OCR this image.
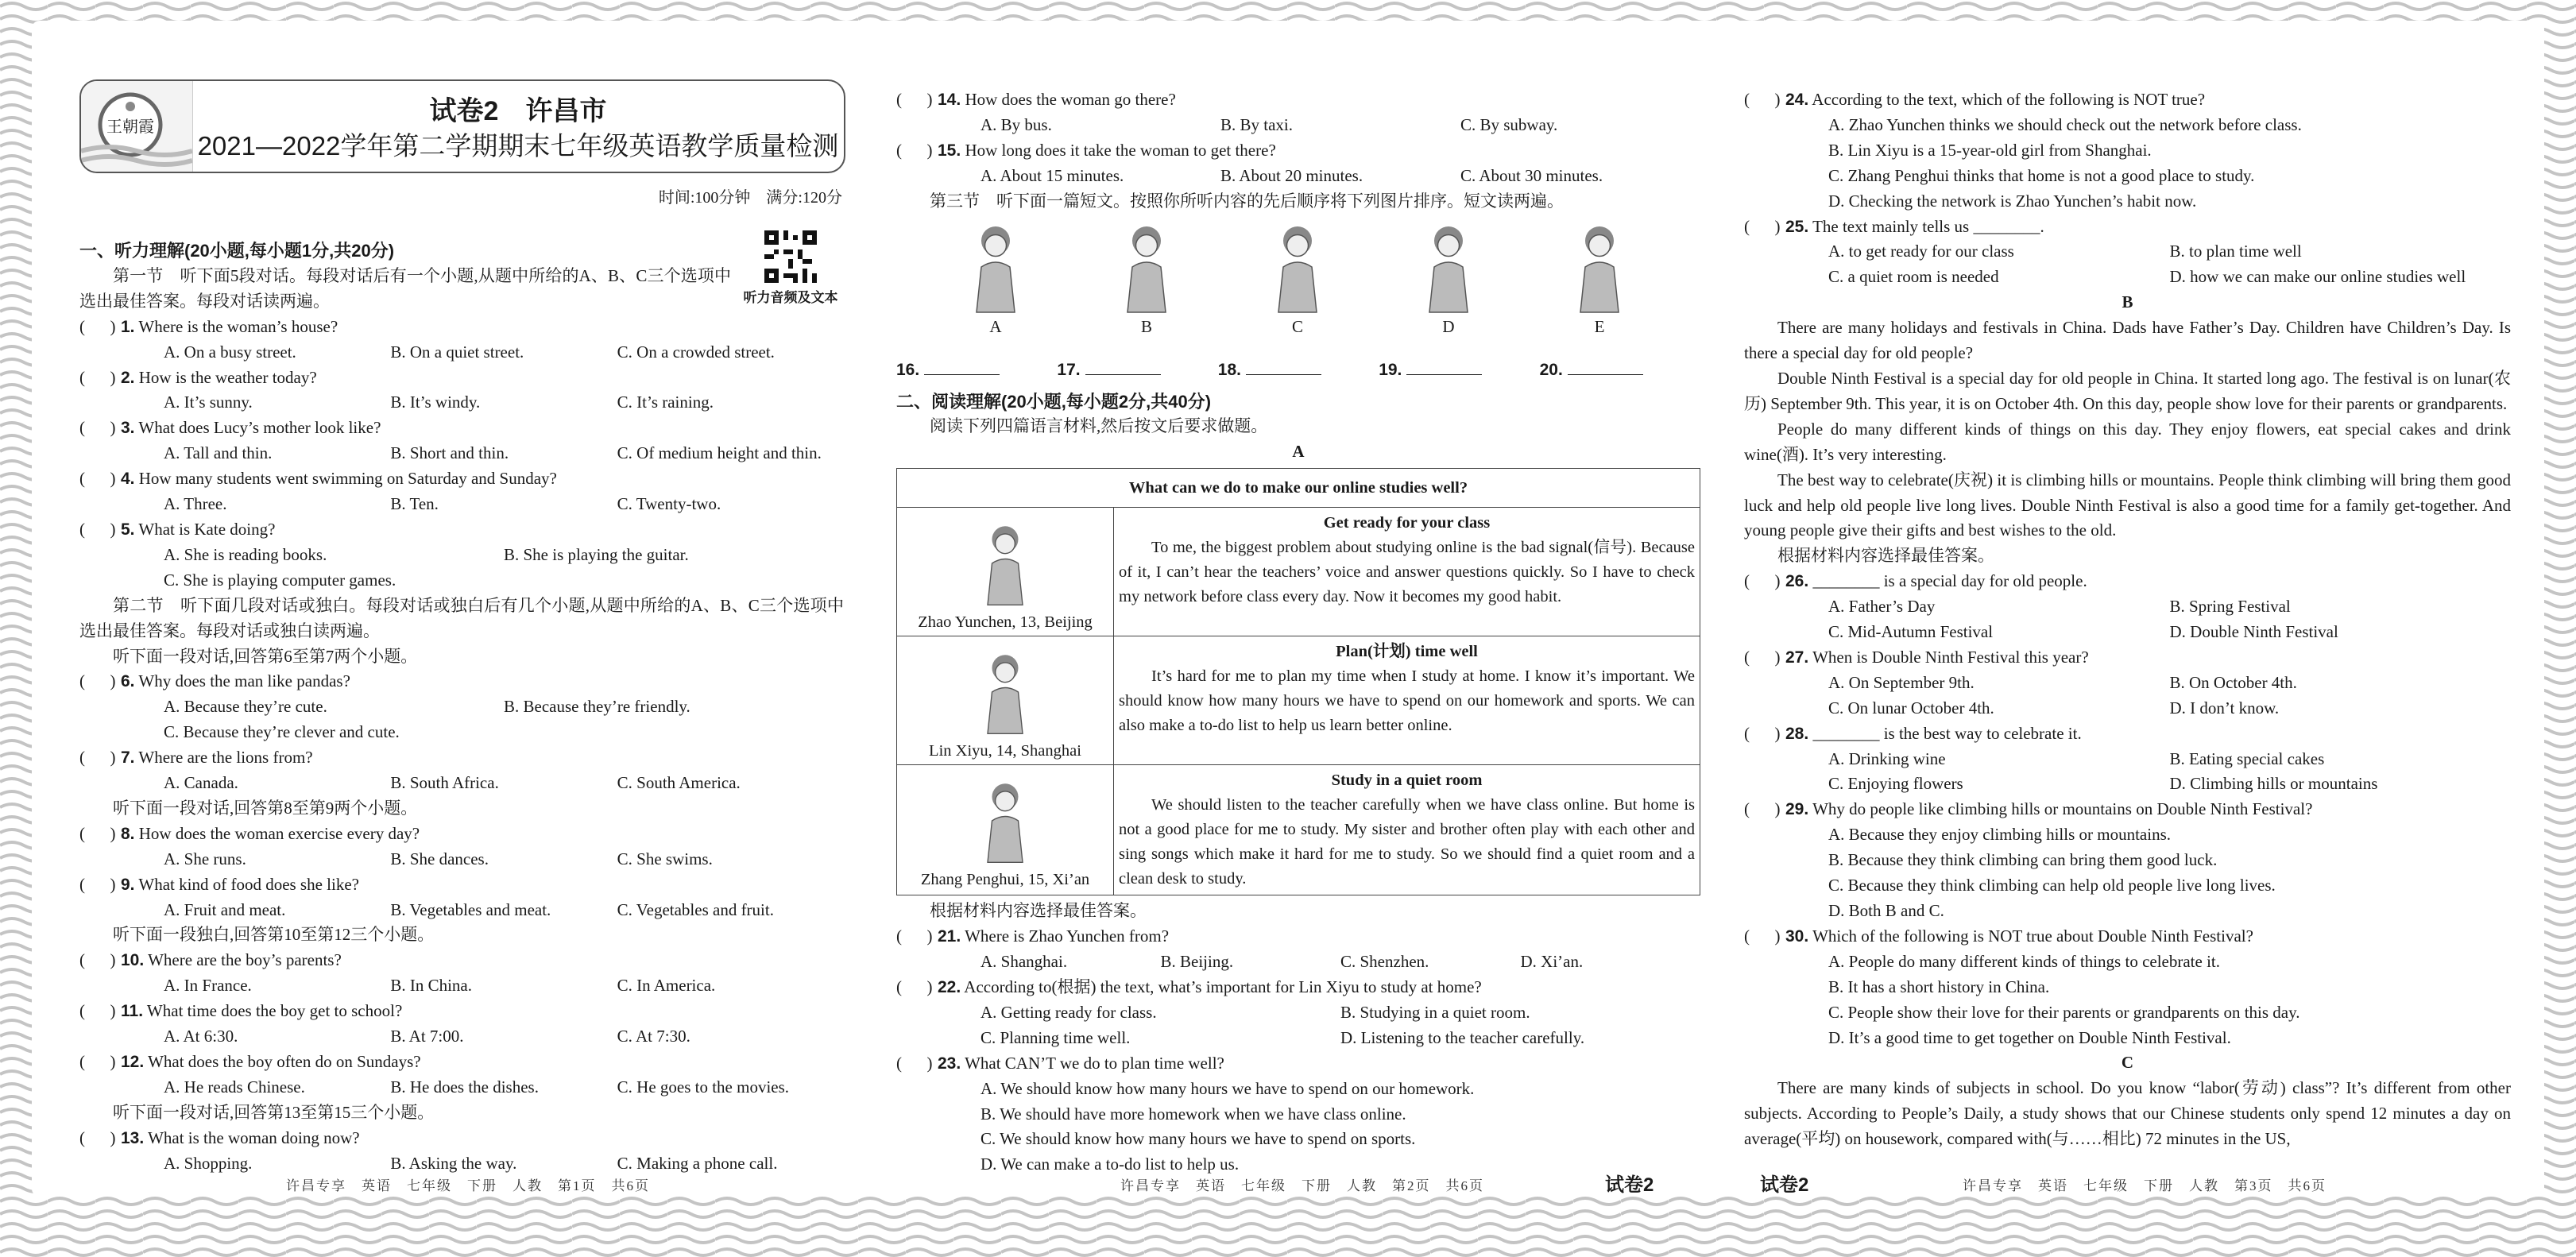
王朝霞	试卷2　许昌市
2021—2022学年第二学期期末七年级英语教学质量检测
时间:100分钟　满分:120分
听力音频及文本
一、听力理解(20小题,每小题1分,共20分)
第一节　听下面5段对话。每段对话后有一个小题,从题中所给的A、B、C三个选项中选出最佳答案。每段对话读两遍。
(      ) 1. Where is the woman’s house?
A. On a busy street.	B. On a quiet street.	C. On a crowded street.
(      ) 2. How is the weather today?
A. It’s sunny.	B. It’s windy.	C. It’s raining.
(      ) 3. What does Lucy’s mother look like?
A. Tall and thin.	B. Short and thin.	C. Of medium height and thin.
(      ) 4. How many students went swimming on Saturday and Sunday?
A. Three.	B. Ten.	C. Twenty-two.
(      ) 5. What is Kate doing?
A. She is reading books.	B. She is playing the guitar.
C. She is playing computer games.
第二节　听下面几段对话或独白。每段对话或独白后有几个小题,从题中所给的A、B、C三个选项中选出最佳答案。每段对话或独白读两遍。
听下面一段对话,回答第6至第7两个小题。
(      ) 6. Why does the man like pandas?
A. Because they’re cute.	B. Because they’re friendly.
C. Because they’re clever and cute.
(      ) 7. Where are the lions from?
A. Canada.	B. South Africa.	C. South America.
听下面一段对话,回答第8至第9两个小题。
(      ) 8. How does the woman exercise every day?
A. She runs.	B. She dances.	C. She swims.
(      ) 9. What kind of food does she like?
A. Fruit and meat.	B. Vegetables and meat.	C. Vegetables and fruit.
听下面一段独白,回答第10至第12三个小题。
(      ) 10. Where are the boy’s parents?
A. In France.	B. In China.	C. In America.
(      ) 11. What time does the boy get to school?
A. At 6:30.	B. At 7:00.	C. At 7:30.
(      ) 12. What does the boy often do on Sundays?
A. He reads Chinese.	B. He does the dishes.	C. He goes to the movies.
听下面一段对话,回答第13至第15三个小题。
(      ) 13. What is the woman doing now?
A. Shopping.	B. Asking the way.	C. Making a phone call.
(      ) 14. How does the woman go there?
A. By bus.	B. By taxi.	C. By subway.
(      ) 15. How long does it take the woman to get there?
A. About 15 minutes.	B. About 20 minutes.	C. About 30 minutes.
第三节　听下面一篇短文。按照你所听内容的先后顺序将下列图片排序。短文读两遍。
A	B	C	D	E
16.	17.	18.	19.	20.
二、阅读理解(20小题,每小题2分,共40分)
阅读下列四篇语言材料,然后按文后要求做题。
A
What can we do to make our online studies well?	

Zhao Yunchen, 13, Beijing	Get ready for your class
To me, the biggest problem about studying online is the bad signal(信号). Because of it, I can’t hear the teachers’ voice and answer questions quickly. So I have to check my network before class every day. Now it becomes my good habit.

Lin Xiyu, 14, Shanghai	Plan(计划) time well
It’s hard for me to plan my time when I study at home. I know it’s important. We should know how many hours we have to spend on our homework and sports. We can also make a to-do list to help us learn better online.

Zhang Penghui, 15, Xi’an	Study in a quiet room
We should listen to the teacher carefully when we have class online. But home is not a good place for me to study. My sister and brother often play with each other and sing songs which make it hard for me to study. So we should find a quiet room and a clean desk to study.
根据材料内容选择最佳答案。
(      ) 21. Where is Zhao Yunchen from?
A. Shanghai.	B. Beijing.	C. Shenzhen.	D. Xi’an.
(      ) 22. According to(根据) the text, what’s important for Lin Xiyu to study at home?
A. Getting ready for class.	B. Studying in a quiet room.
C. Planning time well.	D. Listening to the teacher carefully.
(      ) 23. What CAN’T we do to plan time well?
A. We should know how many hours we have to spend on our homework.
B. We should have more homework when we have class online.
C. We should know how many hours we have to spend on sports.
D. We can make a to-do list to help us.
(      ) 24. According to the text, which of the following is NOT true?
A. Zhao Yunchen thinks we should check out the network before class.
B. Lin Xiyu is a 15-year-old girl from Shanghai.
C. Zhang Penghui thinks that home is not a good place to study.
D. Checking the network is Zhao Yunchen’s habit now.
(      ) 25. The text mainly tells us ________.
A. to get ready for our class	B. to plan time well
C. a quiet room is needed	D. how we can make our online studies well
B
There are many holidays and festivals in China. Dads have Father’s Day. Children have Children’s Day. Is there a special day for old people?
Double Ninth Festival is a special day for old people in China. It started long ago. The festival is on lunar(农历) September 9th. This year, it is on October 4th. On this day, people show love for their parents or grandparents.
People do many different kinds of things on this day. They enjoy flowers, eat special cakes and drink wine(酒). It’s very interesting.
The best way to celebrate(庆祝) it is climbing hills or mountains. People think climbing will bring them good luck and help old people live long lives. Double Ninth Festival is also a good time for a family get-together. And young people give their gifts and best wishes to the old.
根据材料内容选择最佳答案。
(      ) 26. ________ is a special day for old people.
A. Father’s Day	B. Spring Festival
C. Mid-Autumn Festival	D. Double Ninth Festival
(      ) 27. When is Double Ninth Festival this year?
A. On September 9th.	B. On October 4th.
C. On lunar October 4th.	D. I don’t know.
(      ) 28. ________ is the best way to celebrate it.
A. Drinking wine	B. Eating special cakes
C. Enjoying flowers	D. Climbing hills or mountains
(      ) 29. Why do people like climbing hills or mountains on Double Ninth Festival?
A. Because they enjoy climbing hills or mountains.
B. Because they think climbing can bring them good luck.
C. Because they think climbing can help old people live long lives.
D. Both B and C.
(      ) 30. Which of the following is NOT true about Double Ninth Festival?
A. People do many different kinds of things to celebrate it.
B. It has a short history in China.
C. People show their love for their parents or grandparents on this day.
D. It’s a good time to get together on Double Ninth Festival.
C
There are many kinds of subjects in school. Do you know “labor(劳动) class”? It’s different from other subjects. According to People’s Daily, a study shows that our Chinese students only spend 12 minutes a day on average(平均) on housework, compared with(与……相比) 72 minutes in the US,
许昌专享　英语　七年级　下册　人教　第1页　共6页	许昌专享　英语　七年级　下册　人教　第2页　共6页	试卷2	试卷2	许昌专享　英语　七年级　下册　人教　第3页　共6页
